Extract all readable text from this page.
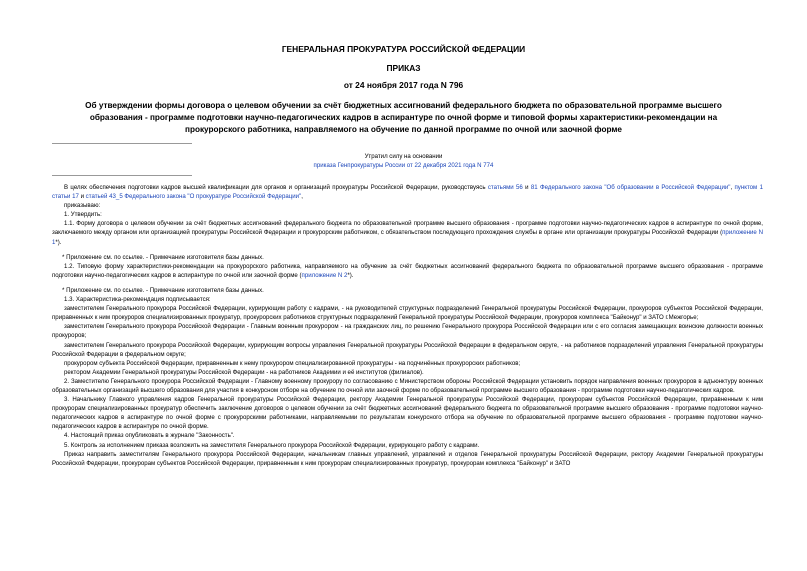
ГЕНЕРАЛЬНАЯ ПРОКУРАТУРА РОССИЙСКОЙ ФЕДЕРАЦИИ
ПРИКАЗ
от 24 ноября 2017 года N 796
Об утверждении формы договора о целевом обучении за счёт бюджетных ассигнований федерального бюджета по образовательной программе высшего образования - программе подготовки научно-педагогических кадров в аспирантуре по очной форме и типовой формы характеристики-рекомендации на прокурорского работника, направляемого на обучение по данной программе по очной или заочной форме
Утратил силу на основании
приказа Генпрокуратуры России от 22 декабря 2021 года N 774

В целях обеспечения подготовки кадров высшей квалификации для органов и организаций прокуратуры Российской Федерации, руководствуясь статьями 56 и 81 Федерального закона "Об образовании в Российской Федерации", пунктом 1 статьи 17 и статьей 43_5 Федерального закона "О прокуратуре Российской Федерации",

приказываю:

1. Утвердить:

1.1. Форму договора о целевом обучении за счёт бюджетных ассигнований федерального бюджета по образовательной программе высшего образования - программе подготовки научно-педагогических кадров в аспирантуре по очной форме, заключаемого между органом или организацией прокуратуры Российской Федерации и прокурорским работником, с обязательством последующего прохождения службы в органе или организации прокуратуры Российской Федерации (приложение N 1*).

* Приложение см. по ссылке. - Примечание изготовителя базы данных.

1.2. Типовую форму характеристики-рекомендации на прокурорского работника, направляемого на обучение за счёт бюджетных ассигнований федерального бюджета по образовательной программе высшего образования - программе подготовки научно-педагогических кадров в аспирантуре по очной или заочной форме (приложение N 2*).

* Приложение см. по ссылке. - Примечание изготовителя базы данных.

1.3. Характеристика-рекомендация подписывается:

заместителем Генерального прокурора Российской Федерации, курирующим работу с кадрами, - на руководителей структурных подразделений Генеральной прокуратуры Российской Федерации, прокуроров субъектов Российской Федерации, приравненных к ним прокуроров специализированных прокуратур, прокурорских работников структурных подразделений Генеральной прокуратуры Российской Федерации, прокуроров комплекса "Байконур" и ЗАТО г.Межгорье;

заместителем Генерального прокурора Российской Федерации - Главным военным прокурором - на гражданских лиц, по решению Генерального прокурора Российской Федерации или с его согласия замещающих воинские должности военных прокуроров;

заместителем Генерального прокурора Российской Федерации, курирующим вопросы управления Генеральной прокуратуры Российской Федерации в федеральном округе, - на работников подразделений управления Генеральной прокуратуры Российской Федерации в федеральном округе;

прокурором субъекта Российской Федерации, приравненным к нему прокурором специализированной прокуратуры - на подчинённых прокурорских работников;

ректором Академии Генеральной прокуратуры Российской Федерации - на работников Академии и её институтов (филиалов).

2. Заместителю Генерального прокурора Российской Федерации - Главному военному прокурору по согласованию с Министерством обороны Российской Федерации установить порядок направления военных прокуроров в адъюнктуру военных образовательных организаций высшего образования для участия в конкурсном отборе на обучение по очной или заочной форме по образовательной программе высшего образования - программе подготовки научно-педагогических кадров.

3. Начальнику Главного управления кадров Генеральной прокуратуры Российской Федерации, ректору Академии Генеральной прокуратуры Российской Федерации, прокурорам субъектов Российской Федерации, приравненным к ним прокурорам специализированных прокуратур обеспечить заключение договоров о целевом обучении за счёт бюджетных ассигнований федерального бюджета по образовательной программе высшего образования - программе подготовки научно-педагогических кадров в аспирантуре по очной форме с прокурорскими работниками, направляемыми по результатам конкурсного отбора на обучение по образовательной программе высшего образования - программе подготовки научно-педагогических кадров в аспирантуре по очной форме.

4. Настоящий приказ опубликовать в журнале "Законность".

5. Контроль за исполнением приказа возложить на заместителя Генерального прокурора Российской Федерации, курирующего работу с кадрами.

Приказ направить заместителям Генерального прокурора Российской Федерации, начальникам главных управлений, управлений и отделов Генеральной прокуратуры Российской Федерации, ректору Академии Генеральной прокуратуры Российской Федерации, прокурорам субъектов Российской Федерации, приравненным к ним прокурорам специализированных прокуратур, прокурорам комплекса "Байконур" и ЗАТО
